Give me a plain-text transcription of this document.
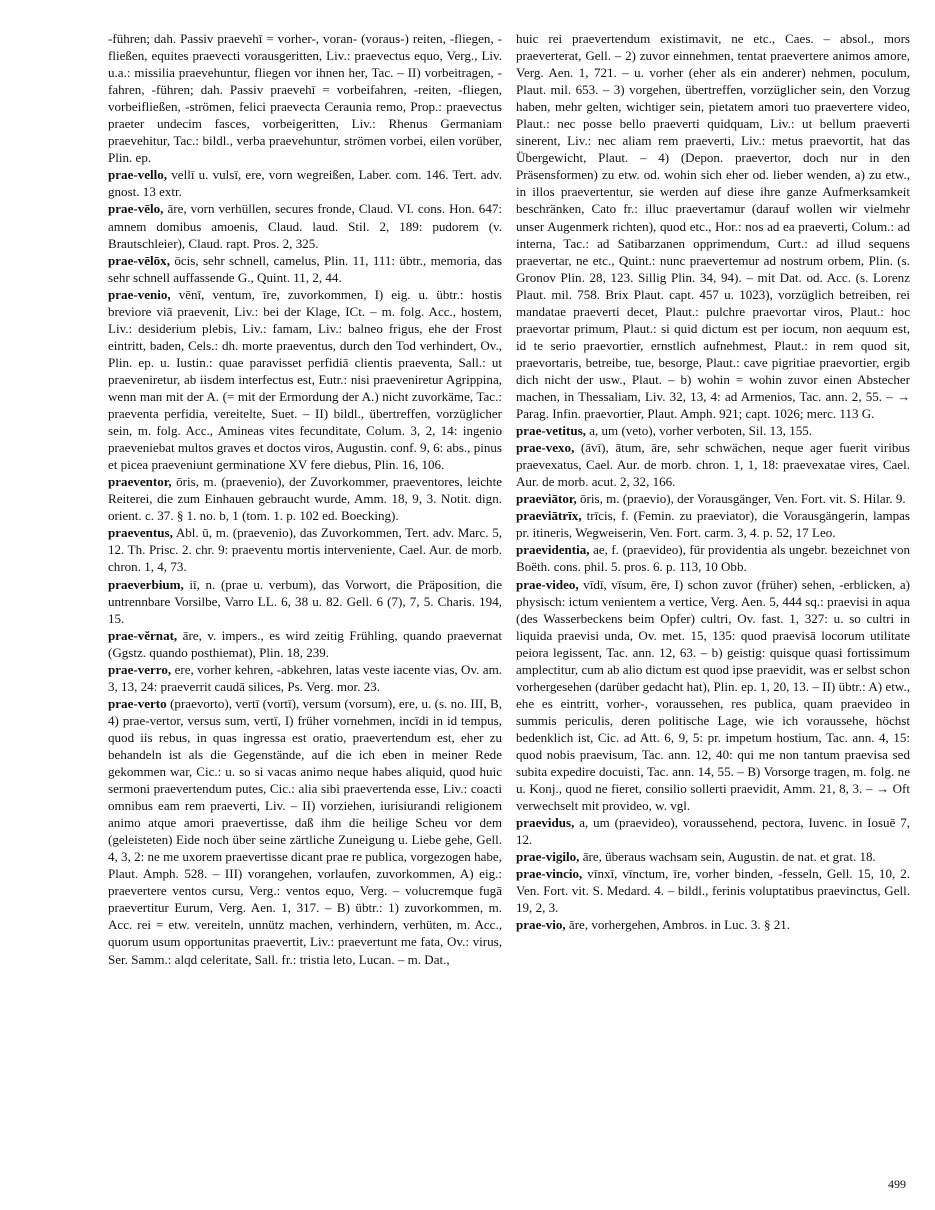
-führen; dah. Passiv praevehī = vorher-, voran- (voraus-) reiten, -fliegen, -fließen, equites praevecti vorausgeritten, Liv.: praevectus equo, Verg., Liv. u.a.: missilia praevehuntur, fliegen vor ihnen her, Tac. – II) vorbeitragen, -fahren, -führen; dah. Passiv praevehī = vorbeifahren, -reiten, -fliegen, vorbeifließen, -strömen, felici praevecta Ceraunia remo, Prop.: praevectus praeter undecim fasces, vorbeigeritten, Liv.: Rhenus Germaniam praevehitur, Tac.: bildl., verba praevehuntur, strömen vorbei, eilen vorüber, Plin. ep.

prae-vello, vellī u. vulsī, ere, vorn wegreißen, Laber. com. 146. Tert. adv. gnost. 13 extr.

prae-vēlo, āre, vorn verhüllen, secures fronde, Claud. VI. cons. Hon. 647: amnem domibus amoenis, Claud. laud. Stil. 2, 189: pudorem (v. Brautschleier), Claud. rapt. Pros. 2, 325.

prae-vēlōx, ōcis, sehr schnell, camelus, Plin. 11, 111: übtr., memoria, das sehr schnell auffassende G., Quint. 11, 2, 44.

prae-venio, vēnī, ventum, īre, zuvorkommen, I) eig. u. übtr.: hostis breviore viā praevenit, Liv.: bei der Klage, ICt. – m. folg. Acc., hostem, Liv.: desiderium plebis, Liv.: famam, Liv.: balneo frigus, ehe der Frost eintritt, baden, Cels.: dh. morte praeventus, durch den Tod verhindert, Ov., Plin. ep. u. Iustin.: quae paravisset perfidiā clientis praeventa, Sall.: ut praeveniretur, ab iisdem interfectus est, Eutr.: nisi praeveniretur Agrippina, wenn man mit der A. (= mit der Ermordung der A.) nicht zuvorkäme, Tac.: praeventa perfidia, vereitelte, Suet. – II) bildl., übertreffen, vorzüglicher sein, m. folg. Acc., Amineas vites fecunditate, Colum. 3, 2, 14: ingenio praeveniebat multos graves et doctos viros, Augustin. conf. 9, 6: abs., pinus et picea praeveniunt germinatione XV fere diebus, Plin. 16, 106.

praeventor, ōris, m. (praevenio), der Zuvorkommer, praeventores, leichte Reiterei, die zum Einhauen gebraucht wurde, Amm. 18, 9, 3. Notit. dign. orient. c. 37. § 1. no. b, 1 (tom. 1. p. 102 ed. Boecking).

praeventus, Abl. ū, m. (praevenio), das Zuvorkommen, Tert. adv. Marc. 5, 12. Th. Prisc. 2. chr. 9: praeventu mortis interveniente, Cael. Aur. de morb. chron. 1, 4, 73.

praeverbium, iī, n. (prae u. verbum), das Vorwort, die Präposition, die untrennbare Vorsilbe, Varro LL. 6, 38 u. 82. Gell. 6 (7), 7, 5. Charis. 194, 15.

prae-vĕrnat, āre, v. impers., es wird zeitig Frühling, quando praevernat (Ggstz. quando posthiemat), Plin. 18, 239.

prae-verro, ere, vorher kehren, -abkehren, latas veste iacente vias, Ov. am. 3, 13, 24: praeverrit caudā silices, Ps. Verg. mor. 23.

prae-verto (praevorto), vertī (vortī), versum (vorsum), ere, u. (s. no. III, B, 4) prae-vertor, versus sum, vertī, I) früher vornehmen, incīdi in id tempus, quod iis rebus, in quas ingressa est oratio, praevertendum est, eher zu behandeln ist als die Gegenstände, auf die ich eben in meiner Rede gekommen war, Cic.: u. so si vacas animo neque habes aliquid, quod huic sermoni praevertendum putes, Cic.: alia sibi praevertenda esse, Liv.: coacti omnibus eam rem praeverti, Liv. – II) vorziehen, iurisiurandi religionem animo atque amori praevertisse, daß ihm die heilige Scheu vor dem (geleisteten) Eide noch über seine zärtliche Zuneigung u. Liebe gehe, Gell. 4, 3, 2: ne me uxorem praevertisse dicant prae re publica, vorgezogen habe, Plaut. Amph. 528. – III) vorangehen, vorlaufen, zuvorkommen, A) eig.: praevertere ventos cursu, Verg.: ventos equo, Verg. – volucremque fugā praevertitur Eurum, Verg. Aen. 1, 317. – B) übtr.: 1) zuvorkommen, m. Acc. rei = etw. vereiteln, unnütz machen, verhindern, verhüten, m. Acc., quorum usum opportunitas praevertit, Liv.: praevertunt me fata, Ov.: virus, Ser. Samm.: alqd celeritate, Sall. fr.: tristia leto, Lucan. – m. Dat.,

huic rei praevertendum existimavit, ne etc., Caes. – absol., mors praeverterat, Gell. – 2) zuvor einnehmen, tentat praevertere animos amore, Verg. Aen. 1, 721. – u. vorher (eher als ein anderer) nehmen, poculum, Plaut. mil. 653. – 3) vorgehen, übertreffen, vorzüglicher sein, den Vorzug haben, mehr gelten, wichtiger sein, pietatem amori tuo praevertere video, Plaut.: nec posse bello praeverti quidquam, Liv.: ut bellum praeverti sinerent, Liv.: nec aliam rem praeverti, Liv.: metus praevortit, hat das Übergewicht, Plaut. – 4) (Depon. praevertor, doch nur in den Präsensformen) zu etw. od. wohin sich eher od. lieber wenden, a) zu etw., in illos praevertentur, sie werden auf diese ihre ganze Aufmerksamkeit beschränken, Cato fr.: illuc praevertamur (darauf wollen wir vielmehr unser Augenmerk richten), quod etc., Hor.: nos ad ea praeverti, Colum.: ad interna, Tac.: ad Satibarzanen opprimendum, Curt.: ad illud sequens praevertar, ne etc., Quint.: nunc praevertemur ad nostrum orbem, Plin. (s. Gronov Plin. 28, 123. Sillig Plin. 34, 94). – mit Dat. od. Acc. (s. Lorenz Plaut. mil. 758. Brix Plaut. capt. 457 u. 1023), vorzüglich betreiben, rei mandatae praeverti decet, Plaut.: pulchre praevortar viros, Plaut.: hoc praevortar primum, Plaut.: si quid dictum est per iocum, non aequum est, id te serio praevortier, ernstlich aufnehmest, Plaut.: in rem quod sit, praevortaris, betreibe, tue, besorge, Plaut.: cave pigritiae praevortier, ergib dich nicht der usw., Plaut. – b) wohin = wohin zuvor einen Abstecher machen, in Thessaliam, Liv. 32, 13, 4: ad Armenios, Tac. ann. 2, 55. – → Parag. Infin. praevortier, Plaut. Amph. 921; capt. 1026; merc. 113 G.

prae-vetitus, a, um (veto), vorher verboten, Sil. 13, 155.

prae-vexo, (āvī), ātum, āre, sehr schwächen, neque ager fuerit viribus praevexatus, Cael. Aur. de morb. chron. 1, 1, 18: praevexatae vires, Cael. Aur. de morb. acut. 2, 32, 166.

praeviātor, ōris, m. (praevio), der Vorausgänger, Ven. Fort. vit. S. Hilar. 9.

praeviātrīx, trīcis, f. (Femin. zu praeviator), die Vorausgängerin, lampas pr. itineris, Wegweiserin, Ven. Fort. carm. 3, 4. p. 52, 17 Leo.

praevidentia, ae, f. (praevideo), für providentia als ungebr. bezeichnet von Boëth. cons. phil. 5. pros. 6. p. 113, 10 Obb.

prae-video, vīdī, vīsum, ēre, I) schon zuvor (früher) sehen, -erblicken, a) physisch: ictum venientem a vertice, Verg. Aen. 5, 444 sq.: praevisi in aqua (des Wasserbeckens beim Opfer) cultri, Ov. fast. 1, 327: u. so cultri in liquida praevisi unda, Ov. met. 15, 135: quod praevisā locorum utilitate peiora legissent, Tac. ann. 12, 63. – b) geistig: quisque quasi fortissimum amplectitur, cum ab alio dictum est quod ipse praevidit, was er selbst schon vorhergesehen (darüber gedacht hat), Plin. ep. 1, 20, 13. – II) übtr.: A) etw., ehe es eintritt, vorher-, voraussehen, res publica, quam praevideo in summis periculis, deren politische Lage, wie ich voraussehe, höchst bedenklich ist, Cic. ad Att. 6, 9, 5: pr. impetum hostium, Tac. ann. 4, 15: quod nobis praevisum, Tac. ann. 12, 40: qui me non tantum praevisa sed subita expedire docuisti, Tac. ann. 14, 55. – B) Vorsorge tragen, m. folg. ne u. Konj., quod ne fieret, consilio sollerti praevidit, Amm. 21, 8, 3. – → Oft verwechselt mit provideo, w. vgl.

praevidus, a, um (praevideo), voraussehend, pectora, Iuvenc. in Iosuē 7, 12.

prae-vigilo, āre, überaus wachsam sein, Augustin. de nat. et grat. 18.

prae-vincio, vīnxī, vīnctum, īre, vorher binden, -fesseln, Gell. 15, 10, 2. Ven. Fort. vit. S. Medard. 4. – bildl., ferinis voluptatibus praevinctus, Gell. 19, 2, 3.

prae-vio, āre, vorhergehen, Ambros. in Luc. 3. § 21.

499
